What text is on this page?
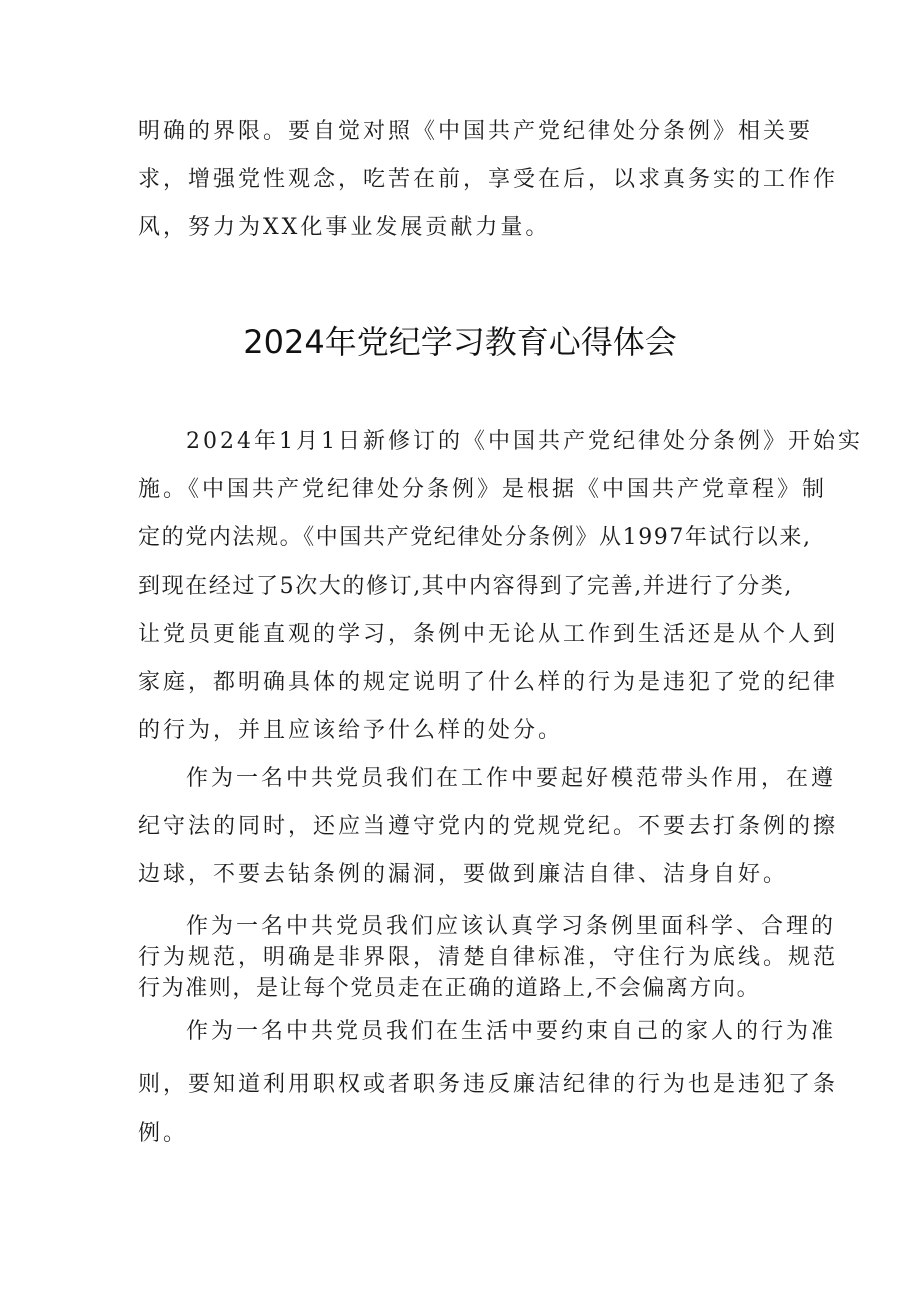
明确的界限。要自觉对照《中国共产党纪律处分条例》相关要
求，增强党性观念，吃苦在前，享受在后，以求真务实的工作作
风，努力为XX化事业发展贡献力量。
2024年党纪学习教育心得体会
2024年1月1日新修订的《中国共产党纪律处分条例》开始实
施。《中国共产党纪律处分条例》是根据《中国共产党章程》制
定的党内法规。《中国共产党纪律处分条例》从1997年试行以来,
到现在经过了5次大的修订,其中内容得到了完善,并进行了分类,
让党员更能直观的学习，条例中无论从工作到生活还是从个人到
家庭，都明确具体的规定说明了什么样的行为是违犯了党的纪律
的行为，并且应该给予什么样的处分。
作为一名中共党员我们在工作中要起好模范带头作用，在遵
纪守法的同时，还应当遵守党内的党规党纪。不要去打条例的擦
边球，不要去钻条例的漏洞，要做到廉洁自律、洁身自好。
作为一名中共党员我们应该认真学习条例里面科学、合理的
行为规范，明确是非界限，清楚自律标准，守住行为底线。规范
行为准则，是让每个党员走在正确的道路上,不会偏离方向。
作为一名中共党员我们在生活中要约束自己的家人的行为准
则，要知道利用职权或者职务违反廉洁纪律的行为也是违犯了条
例。
